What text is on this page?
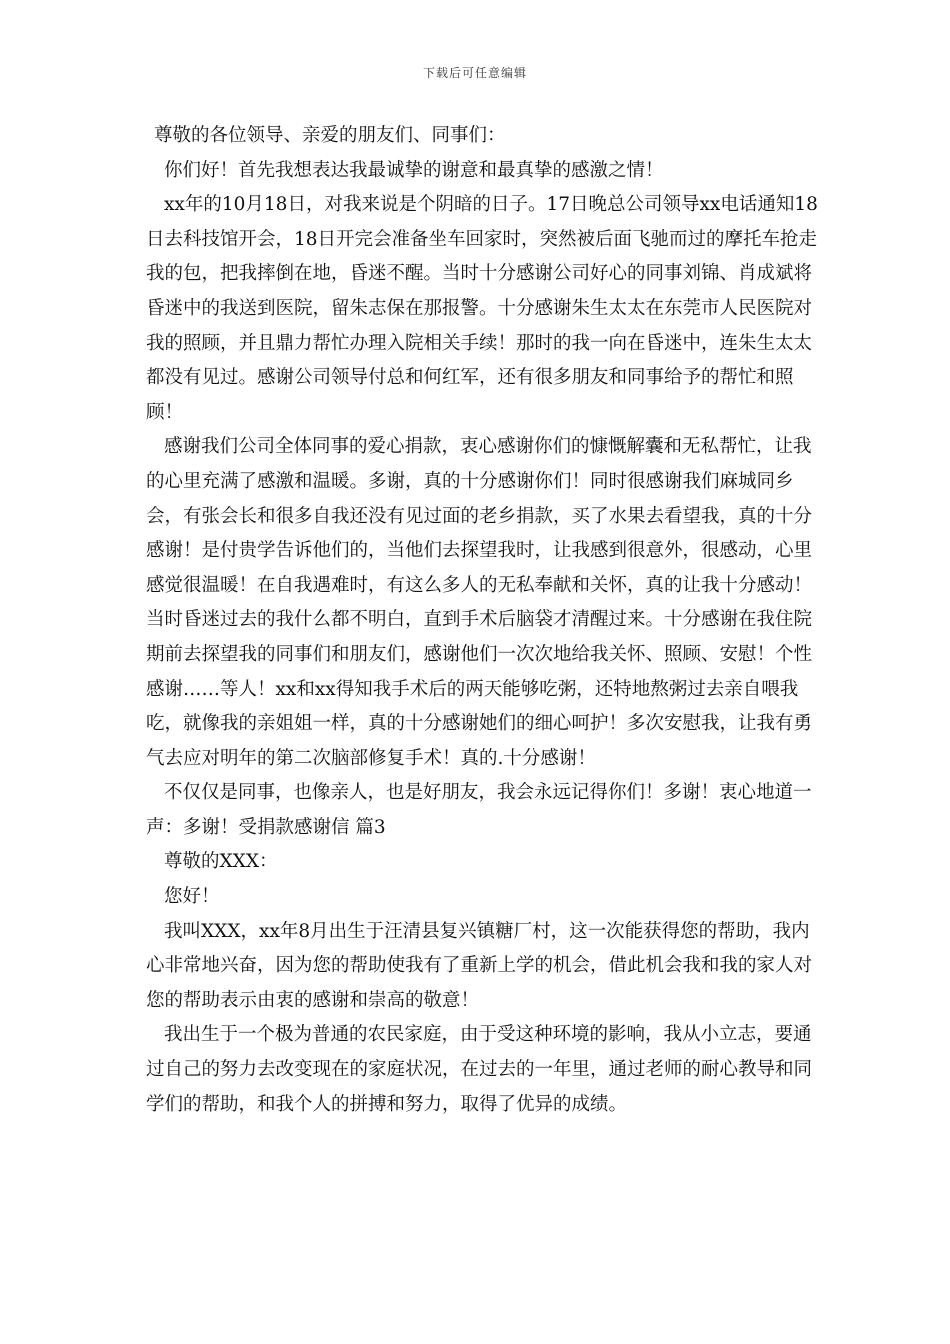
下载后可任意编辑

尊敬的各位领导、亲爱的朋友们、同事们：

你们好！首先我想表达我最诚挚的谢意和最真挚的感激之情！

xx年的10月18日，对我来说是个阴暗的日子。17日晚总公司领导xx电话通知18日去科技馆开会，18日开完会准备坐车回家时，突然被后面飞驰而过的摩托车抢走我的包，把我摔倒在地，昏迷不醒。当时十分感谢公司好心的同事刘锦、肖成斌将昏迷中的我送到医院，留朱志保在那报警。十分感谢朱生太太在东莞市人民医院对我的照顾，并且鼎力帮忙办理入院相关手续！那时的我一向在昏迷中，连朱生太太都没有见过。感谢公司领导付总和何红军，还有很多朋友和同事给予的帮忙和照顾！

感谢我们公司全体同事的爱心捐款，衷心感谢你们的慷慨解囊和无私帮忙，让我的心里充满了感激和温暖。多谢，真的十分感谢你们！同时很感谢我们麻城同乡会，有张会长和很多自我还没有见过面的老乡捐款，买了水果去看望我，真的十分感谢！是付贵学告诉他们的，当他们去探望我时，让我感到很意外，很感动，心里感觉很温暖！在自我遇难时，有这么多人的无私奉献和关怀，真的让我十分感动！当时昏迷过去的我什么都不明白，直到手术后脑袋才清醒过来。十分感谢在我住院期前去探望我的同事们和朋友们，感谢他们一次次地给我关怀、照顾、安慰！个性感谢……等人！xx和xx得知我手术后的两天能够吃粥，还特地熬粥过去亲自喂我吃，就像我的亲姐姐一样，真的十分感谢她们的细心呵护！多次安慰我，让我有勇气去应对明年的第二次脑部修复手术！真的.十分感谢！

不仅仅是同事，也像亲人，也是好朋友，我会永远记得你们！多谢！衷心地道一声：多谢！受捐款感谢信 篇3

尊敬的XXX：

您好！

我叫XXX，xx年8月出生于汪清县复兴镇糖厂村，这一次能获得您的帮助，我内心非常地兴奋，因为您的帮助使我有了重新上学的机会，借此机会我和我的家人对您的帮助表示由衷的感谢和崇高的敬意！

我出生于一个极为普通的农民家庭，由于受这种环境的影响，我从小立志，要通过自己的努力去改变现在的家庭状况，在过去的一年里，通过老师的耐心教导和同学们的帮助，和我个人的拼搏和努力，取得了优异的成绩。
